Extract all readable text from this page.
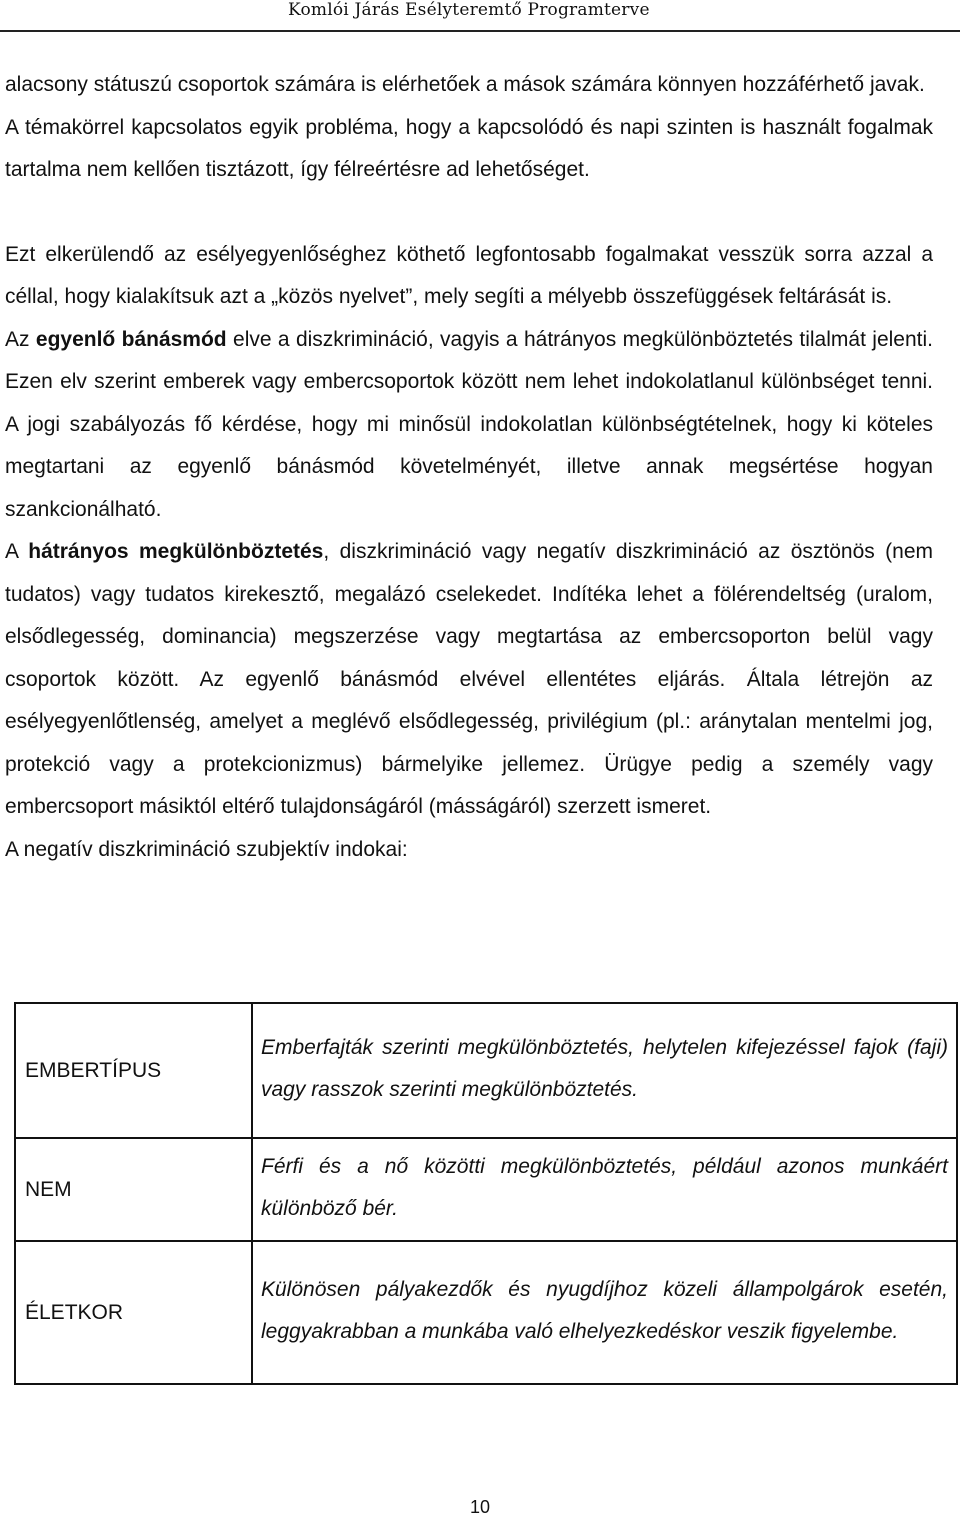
Komlói Járás Esélyteremtő Programterve

alacsony státuszú csoportok számára is elérhetőek a mások számára könnyen hozzáférhető javak.

A témakörrel kapcsolatos egyik probléma, hogy a kapcsolódó és napi szinten is használt fogalmak tartalma nem kellően tisztázott, így félreértésre ad lehetőséget.

Ezt elkerülendő az esélyegyenlőséghez köthető legfontosabb fogalmakat vesszük sorra azzal a céllal, hogy kialakítsuk azt a „közös nyelvet”, mely segíti a mélyebb összefüggések feltárását is.

Az egyenlő bánásmód elve a diszkrimináció, vagyis a hátrányos megkülönböztetés tilalmát jelenti. Ezen elv szerint emberek vagy embercsoportok között nem lehet indokolatlanul különbséget tenni. A jogi szabályozás fő kérdése, hogy mi minősül indokolatlan különbségtételnek, hogy ki köteles megtartani az egyenlő bánásmód követelményét, illetve annak megsértése hogyan szankcionálható.

A hátrányos megkülönböztetés, diszkrimináció vagy negatív diszkrimináció az ösztönös (nem tudatos) vagy tudatos kirekesztő, megalázó cselekedet. Indítéka lehet a fölérendeltség (uralom, elsődlegesség, dominancia) megszerzése vagy megtartása az embercsoporton belül vagy csoportok között. Az egyenlő bánásmód elvével ellentétes eljárás. Általa létrejön az esélyegyenlőtlenség, amelyet a meglévő elsődlegesség, privilégium (pl.: aránytalan mentelmi jog, protekció vagy a protekcionizmus) bármelyike jellemez. Ürügye pedig a személy vagy embercsoport másiktól eltérő tulajdonságáról (másságáról) szerzett ismeret.

A negatív diszkrimináció szubjektív indokai:

EMBERTÍPUS	Emberfajták szerinti megkülönböztetés, helytelen kifejezéssel fajok (faji) vagy rasszok szerinti megkülönböztetés.
NEM	Férfi és a nő közötti megkülönböztetés, például azonos munkáért különböző bér.
ÉLETKOR	Különösen pályakezdők és nyugdíjhoz közeli állampolgárok esetén, leggyakrabban a munkába való elhelyezkedéskor veszik figyelembe.
10
